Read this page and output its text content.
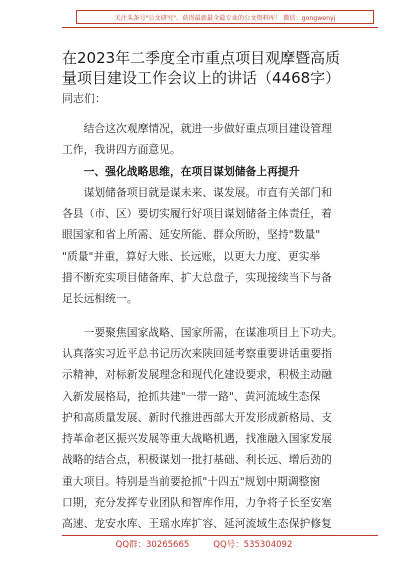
关注头条号"公文研究"，获得最新最全最专业的公文资料库！ 微信：gongwenyj
在2023年二季度全市重点项目观摩暨高质
量项目建设工作会议上的讲话（4468字）
同志们：
　　结合这次观摩情况，就进一步做好重点项目建设管理
工作，我讲四方面意见。
　　一、强化战略思维，在项目谋划储备上再提升
　　谋划储备项目就是谋未来、谋发展。市直有关部门和
各县（市、区）要切实履行好项目谋划储备主体责任，着
眼国家和省上所需、延安所能、群众所盼，坚持"数量"
"质量"并重，算好大账、长远账，以更大力度、更实举
措不断充实项目储备库、扩大总盘子，实现接续当下与备
足长远相统一。
　　一要聚焦国家战略、国家所需，在谋准项目上下功夫。
认真落实习近平总书记历次来陕回延考察重要讲话重要指
示精神，对标新发展理念和现代化建设要求，积极主动融
入新发展格局，抢抓共建"一带一路"、黄河流域生态保
护和高质量发展、新时代推进西部大开发形成新格局、支
持革命老区振兴发展等重大战略机遇，找准融入国家发展
战略的结合点，积极谋划一批打基础、利长远、增后劲的
重大项目。特别是当前要抢抓"十四五"规划中期调整窗
口期，充分发挥专业团队和智库作用，力争将子长至安塞
高速、龙安水库、王瑶水库扩容、延河流域生态保护修复
QQ群：30265665	QQ号：535304092
